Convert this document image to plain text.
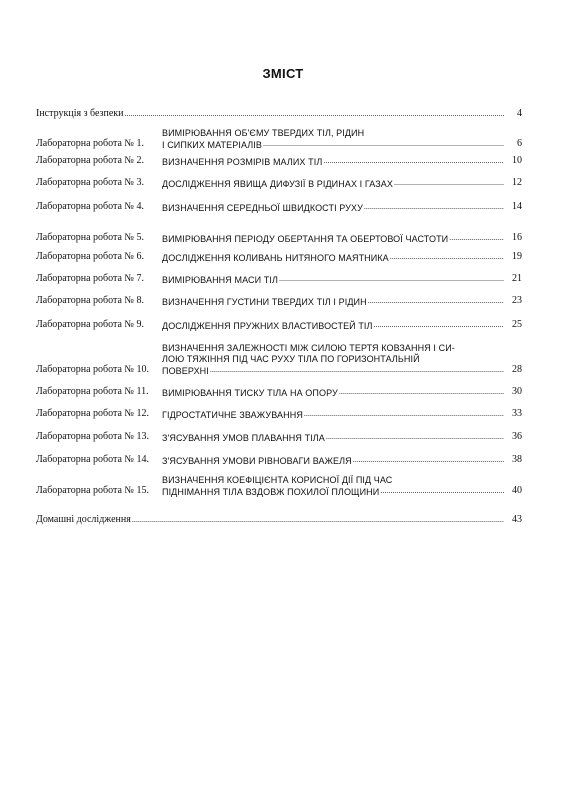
ЗМІСТ
Інструкція з безпеки .....	4
Лабораторна робота № 1.
ВИМІРЮВАННЯ ОБ'ЄМУ ТВЕРДИХ ТІЛ, РІДИН
І СИПКИХ МАТЕРІАЛІВ .....	6
Лабораторна робота № 2.	ВИЗНАЧЕННЯ РОЗМІРІВ МАЛИХ ТІЛ .....	10
Лабораторна робота № 3.	ДОСЛІДЖЕННЯ ЯВИЩА ДИФУЗІЇ В РІДИНАХ І ГАЗАХ .....	12
Лабораторна робота № 4.	ВИЗНАЧЕННЯ СЕРЕДНЬОЇ ШВИДКОСТІ РУХУ .....	14
Лабораторна робота № 5.	ВИМІРЮВАННЯ ПЕРІОДУ ОБЕРТАННЯ ТА ОБЕРТОВОЇ ЧАСТОТИ .....	16
Лабораторна робота № 6.	ДОСЛІДЖЕННЯ КОЛИВАНЬ НИТЯНОГО МАЯТНИКА .....	19
Лабораторна робота № 7.	ВИМІРЮВАННЯ МАСИ ТІЛ .....	21
Лабораторна робота № 8.	ВИЗНАЧЕННЯ ГУСТИНИ ТВЕРДИХ ТІЛ І РІДИН .....	23
Лабораторна робота № 9.	ДОСЛІДЖЕННЯ ПРУЖНИХ ВЛАСТИВОСТЕЙ ТІЛ .....	25
Лабораторна робота № 10.
ВИЗНАЧЕННЯ ЗАЛЕЖНОСТІ МІЖ СИЛОЮ ТЕРТЯ КОВЗАННЯ І СИ-
ЛОЮ ТЯЖІННЯ ПІД ЧАС РУХУ ТІЛА ПО ГОРИЗОНТАЛЬНІЙ
ПОВЕРХНІ .....	28
Лабораторна робота № 11.	ВИМІРЮВАННЯ ТИСКУ ТІЛА НА ОПОРУ .....	30
Лабораторна робота № 12.	ГІДРОСТАТИЧНЕ ЗВАЖУВАННЯ .....	33
Лабораторна робота № 13.	З'ЯСУВАННЯ УМОВ ПЛАВАННЯ ТІЛА .....	36
Лабораторна робота № 14.	З'ЯСУВАННЯ УМОВИ РІВНОВАГИ ВАЖЕЛЯ .....	38
Лабораторна робота № 15.
ВИЗНАЧЕННЯ КОЕФІЦІЄНТА КОРИСНОЇ ДІЇ ПІД ЧАС
ПІДНІМАННЯ ТІЛА ВЗДОВЖ ПОХИЛОЇ ПЛОЩИНИ .....	40
Домашні дослідження .....	43
